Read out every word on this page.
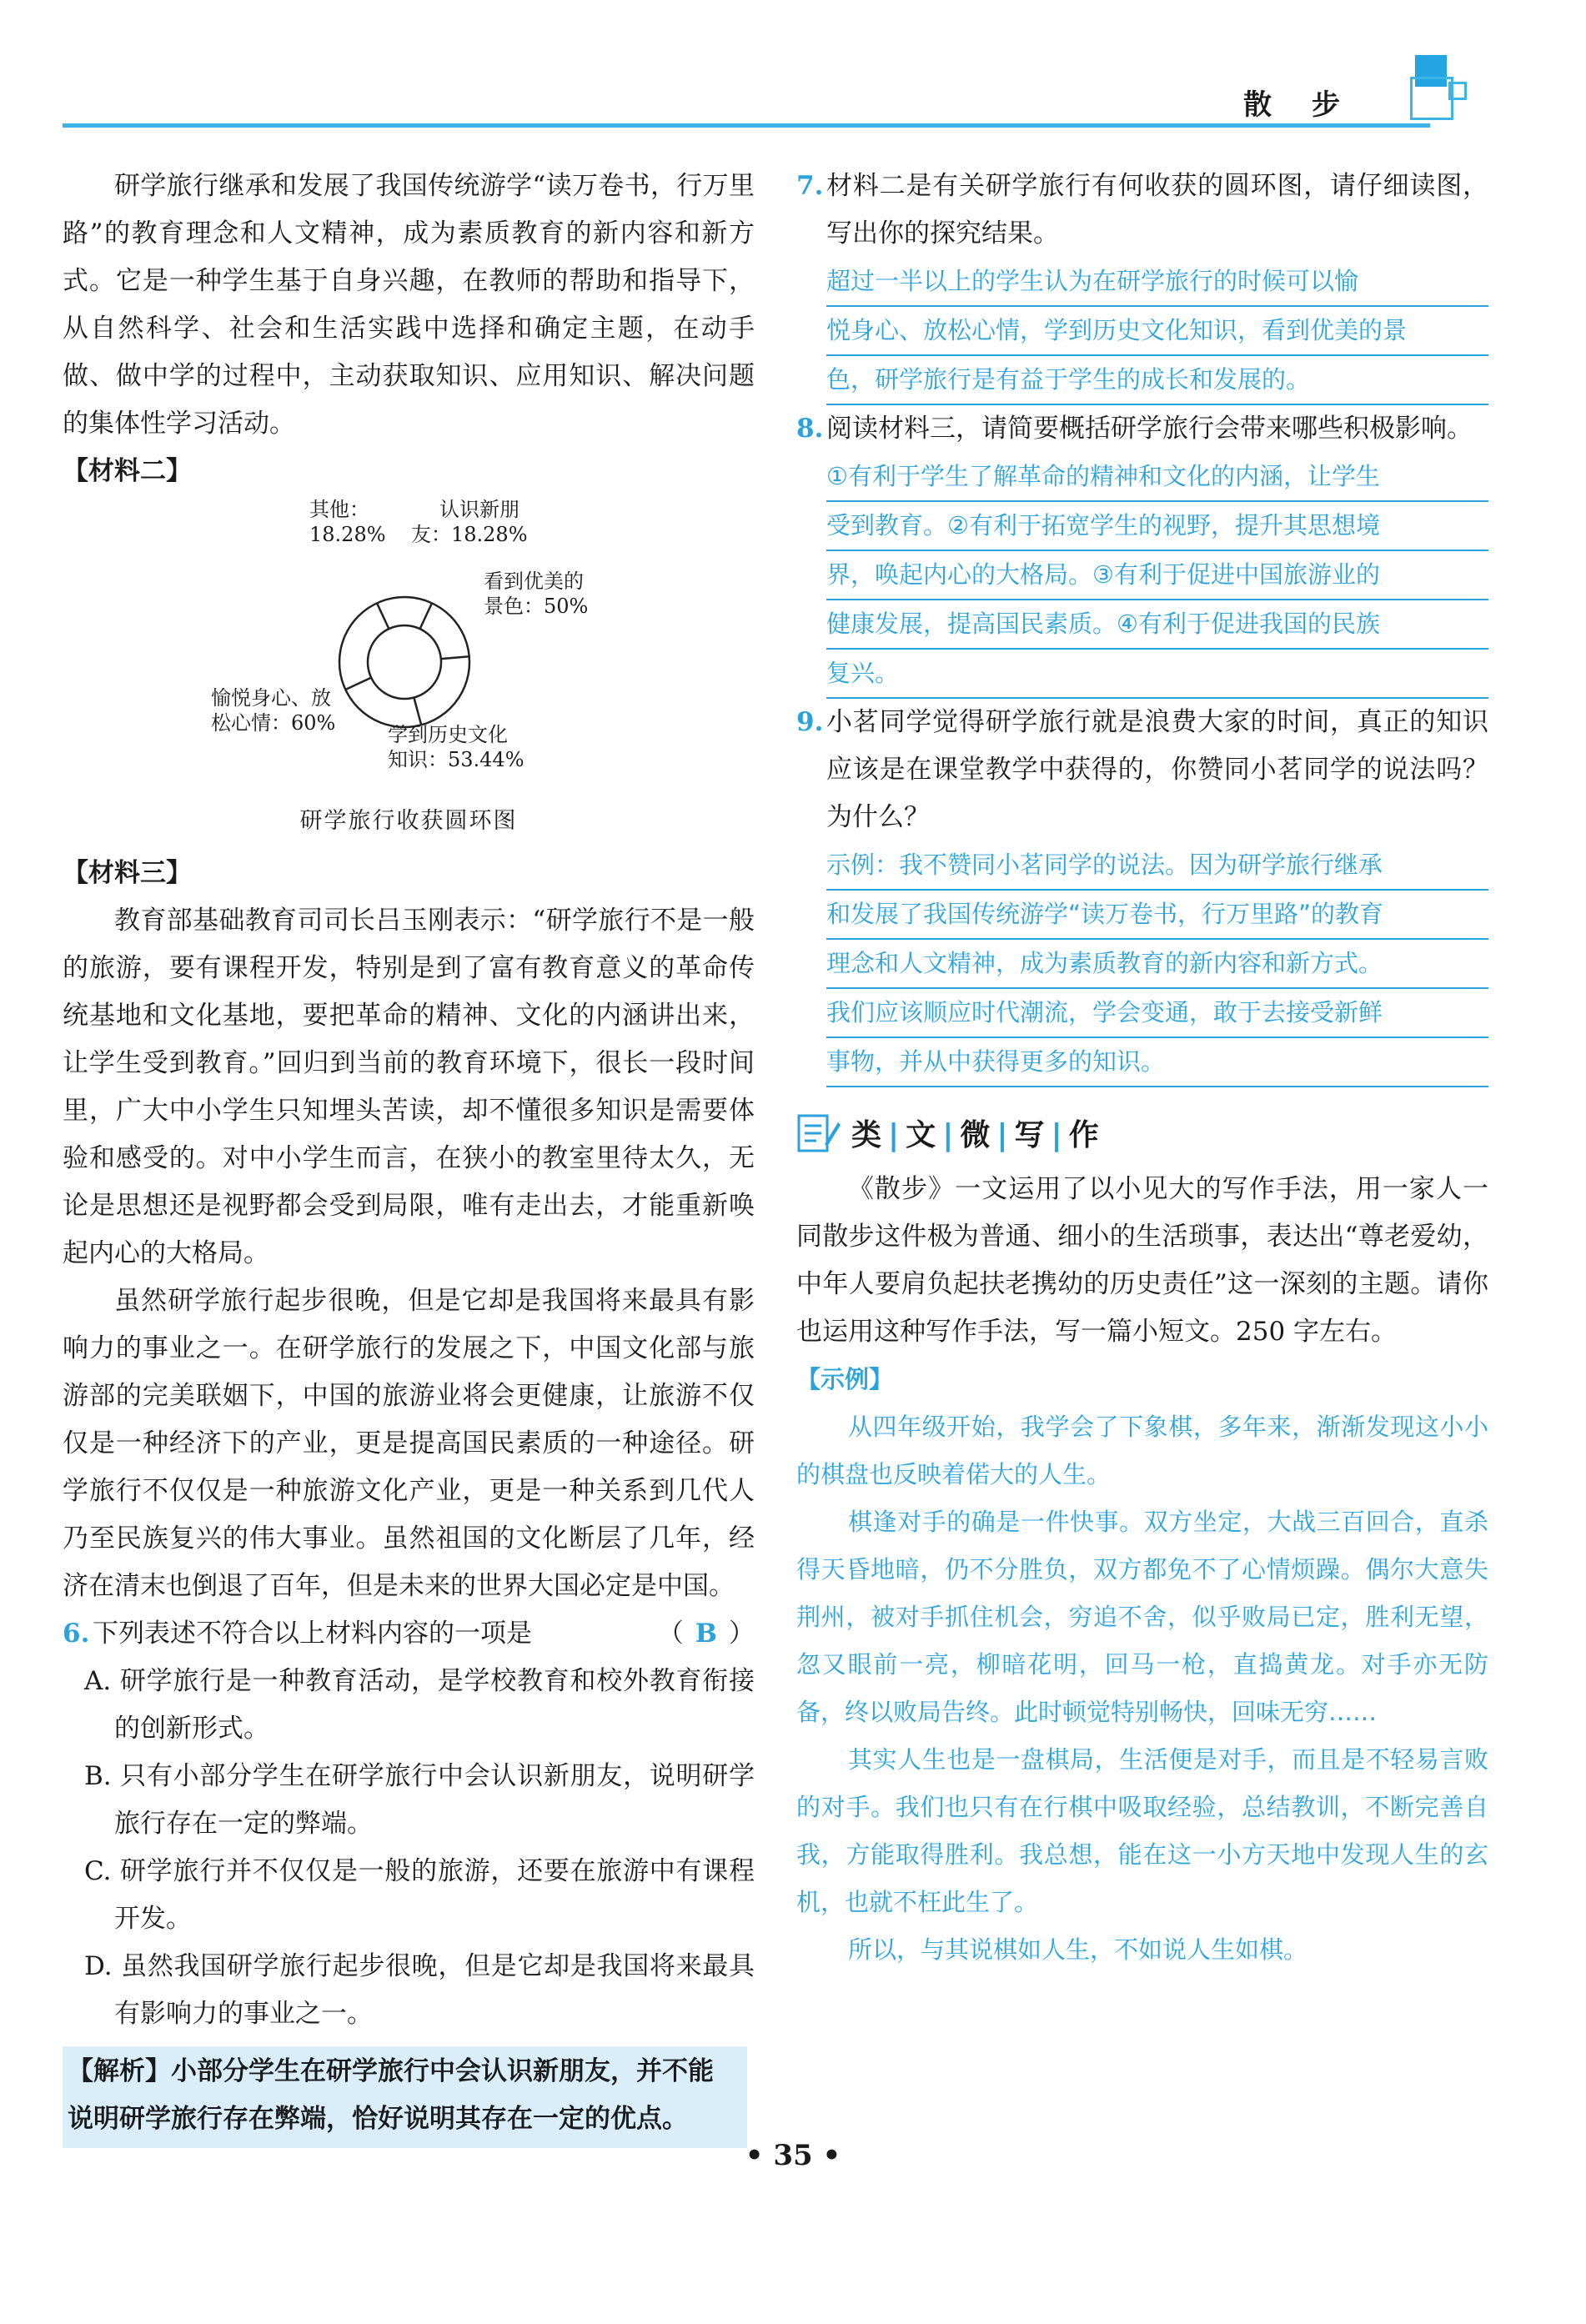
散 步

研学旅行继承和发展了我国传统游学“读万卷书，行万里路”的教育理念和人文精神，成为素质教育的新内容和新方式。它是一种学生基于自身兴趣，在教师的帮助和指导下，从自然科学、社会和生活实践中选择和确定主题，在动手做、做中学的过程中，主动获取知识、应用知识、解决问题的集体性学习活动。

【材料二】

其他：
18.28%
认识新朋
友：18.28%
看到优美的
景色：50%
愉悦身心、放
松心情：60%	学到历史文化
知识：53.44%

研学旅行收获圆环图

【材料三】

教育部基础教育司司长吕玉刚表示：“研学旅行不是一般的旅游，要有课程开发，特别是到了富有教育意义的革命传统基地和文化基地，要把革命的精神、文化的内涵讲出来，让学生受到教育。”回归到当前的教育环境下，很长一段时间里，广大中小学生只知埋头苦读，却不懂很多知识是需要体验和感受的。对中小学生而言，在狭小的教室里待太久，无论是思想还是视野都会受到局限，唯有走出去，才能重新唤起内心的大格局。

虽然研学旅行起步很晚，但是它却是我国将来最具有影响力的事业之一。在研学旅行的发展之下，中国文化部与旅游部的完美联姻下，中国的旅游业将会更健康，让旅游不仅仅是一种经济下的产业，更是提高国民素质的一种途径。研学旅行不仅仅是一种旅游文化产业，更是一种关系到几代人乃至民族复兴的伟大事业。虽然祖国的文化断层了几年，经济在清末也倒退了百年，但是未来的世界大国必定是中国。

6. 下列表述不符合以上材料内容的一项是	（ B ）

A. 研学旅行是一种教育活动，是学校教育和校外教育衔接的创新形式。

B. 只有小部分学生在研学旅行中会认识新朋友，说明研学旅行存在一定的弊端。

C. 研学旅行并不仅仅是一般的旅游，还要在旅游中有课程开发。

D. 虽然我国研学旅行起步很晚，但是它却是我国将来最具有影响力的事业之一。

【解析】小部分学生在研学旅行中会认识新朋友，并不能说明研学旅行存在弊端，恰好说明其存在一定的优点。
7. 材料二是有关研学旅行有何收获的圆环图，请仔细读图，写出你的探究结果。
超过一半以上的学生认为在研学旅行的时候可以愉
悦身心、放松心情，学到历史文化知识，看到优美的景
色，研学旅行是有益于学生的成长和发展的。
8. 阅读材料三，请简要概括研学旅行会带来哪些积极影响。
①有利于学生了解革命的精神和文化的内涵，让学生
受到教育。②有利于拓宽学生的视野，提升其思想境
界，唤起内心的大格局。③有利于促进中国旅游业的
健康发展，提高国民素质。④有利于促进我国的民族
复兴。
9. 小茗同学觉得研学旅行就是浪费大家的时间，真正的知识应该是在课堂教学中获得的，你赞同小茗同学的说法吗？为什么？
示例：我不赞同小茗同学的说法。因为研学旅行继承
和发展了我国传统游学“读万卷书，行万里路”的教育
理念和人文精神，成为素质教育的新内容和新方式。
我们应该顺应时代潮流，学会变通，敢于去接受新鲜
事物，并从中获得更多的知识。
类 | 文 | 微 | 写 | 作

《散步》一文运用了以小见大的写作手法，用一家人一同散步这件极为普通、细小的生活琐事，表达出“尊老爱幼，中年人要肩负起扶老携幼的历史责任”这一深刻的主题。请你也运用这种写作手法，写一篇小短文。250 字左右。

【示例】

从四年级开始，我学会了下象棋，多年来，渐渐发现这小小的棋盘也反映着偌大的人生。

棋逢对手的确是一件快事。双方坐定，大战三百回合，直杀得天昏地暗，仍不分胜负，双方都免不了心情烦躁。偶尔大意失荆州，被对手抓住机会，穷追不舍，似乎败局已定，胜利无望，忽又眼前一亮，柳暗花明，回马一枪，直捣黄龙。对手亦无防备，终以败局告终。此时顿觉特别畅快，回味无穷……

其实人生也是一盘棋局，生活便是对手，而且是不轻易言败的对手。我们也只有在行棋中吸取经验，总结教训，不断完善自我，方能取得胜利。我总想，能在这一小方天地中发现人生的玄机，也就不枉此生了。

所以，与其说棋如人生，不如说人生如棋。

• 35 •
